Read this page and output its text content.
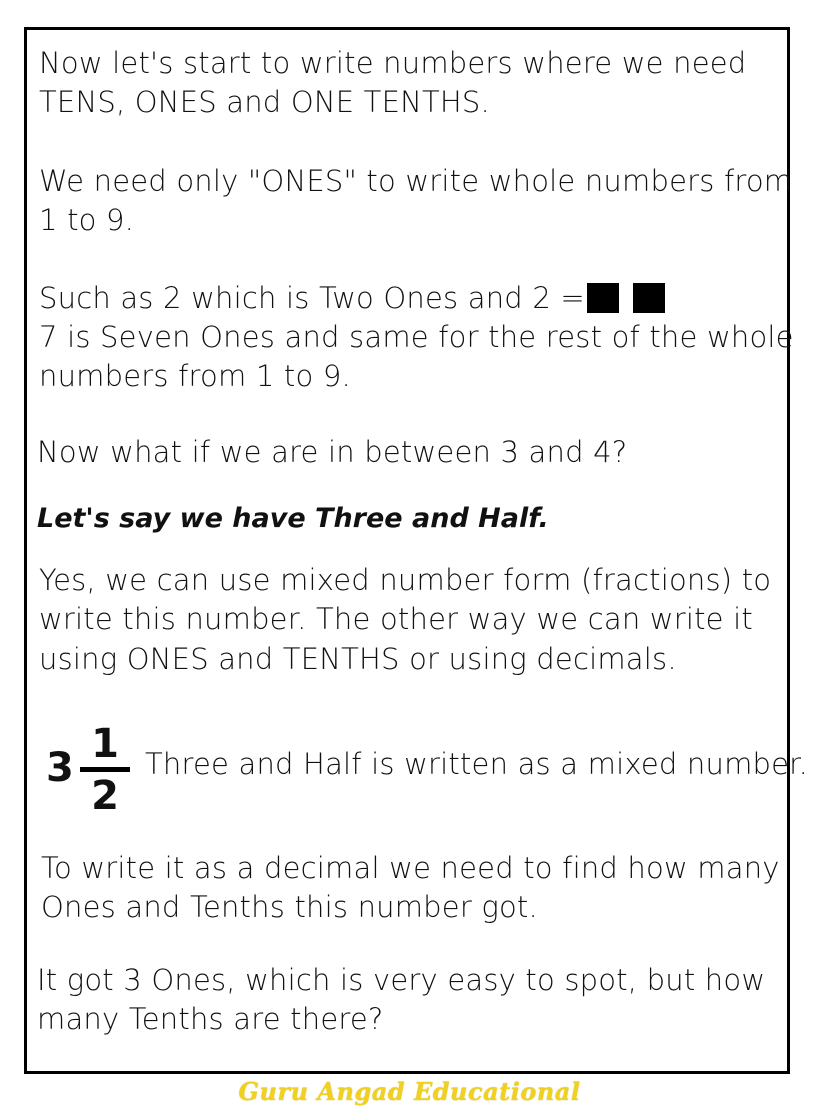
Now let's start to write numbers where we need
TENS, ONES and ONE TENTHS.
We need only "ONES" to write whole numbers from
1 to 9.
Such as 2 which is Two Ones and 2 =
7 is Seven Ones and same for the rest of the whole
numbers from 1 to 9.
Now what if we are in between 3 and 4?
Let's say we have Three and Half.
Yes, we can use mixed number form (fractions) to
write this number. The other way we can write it
using ONES and TENTHS or using decimals.
3
1
2
Three and Half is written as a mixed number.
To write it as a decimal we need to find how many
Ones and Tenths this number got.
It got 3 Ones, which is very easy to spot, but how
many Tenths are there?
Guru Angad Educational
